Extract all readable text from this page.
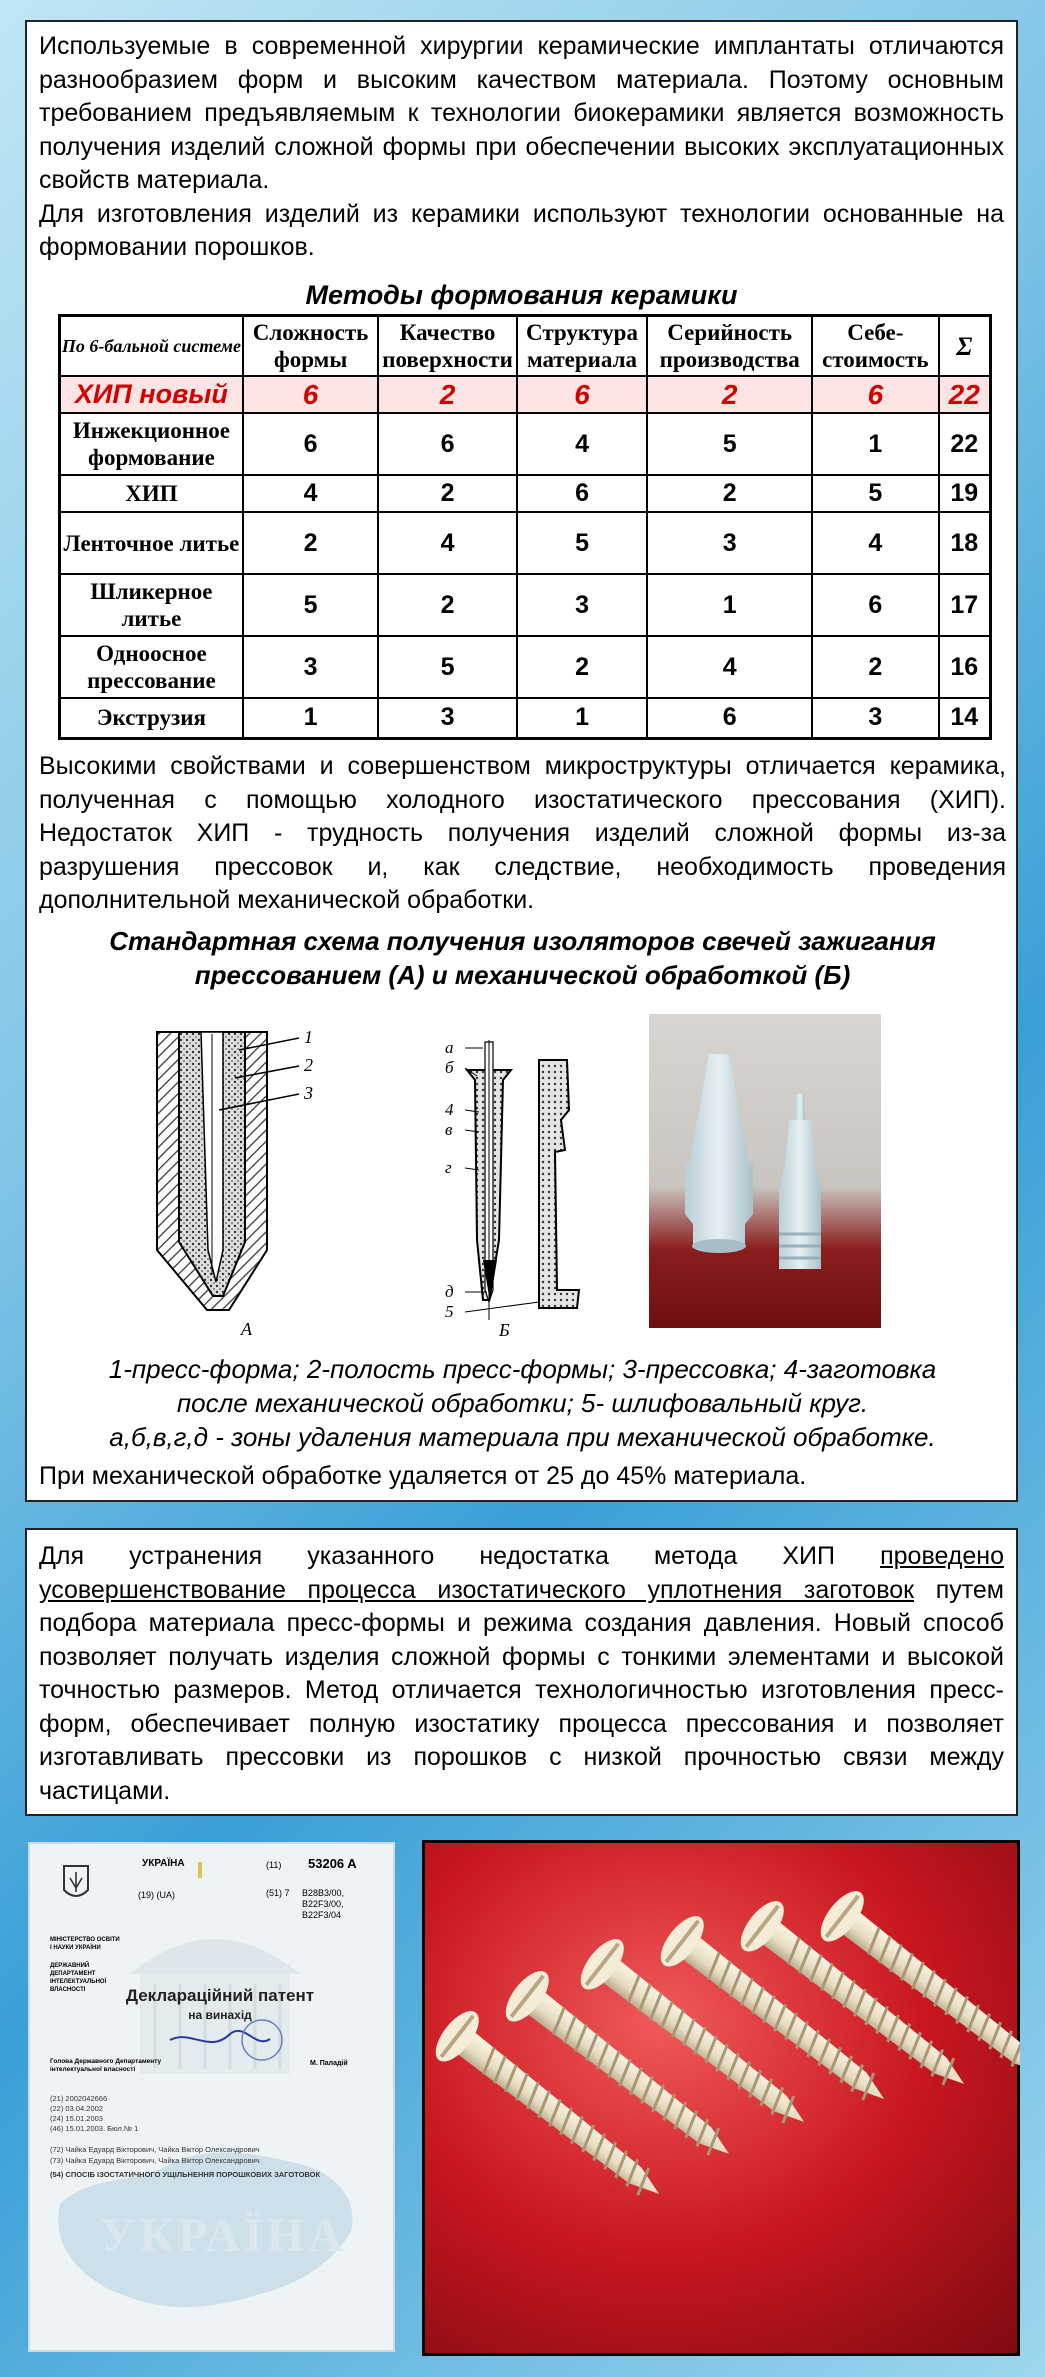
Используемые в современной хирургии керамические имплантаты отличаются разнообразием форм и высоким качеством материала. Поэтому основным требованием предъявляемым к технологии биокерамики является возможность получения изделий сложной формы при обеспечении высоких эксплуатационных свойств материала.

Для изготовления изделий из керамики используют технологии основанные на формовании порошков.

Методы формования керамики

По 6-бальной системе	Сложность формы	Качество поверхности	Структура материала	Серийность производства	Себе-стоимость	Σ
ХИП новый	6	2	6	2	6	22
Инжекционное формование	6	6	4	5	1	22
ХИП	4	2	6	2	5	19
Ленточное литье	2	4	5	3	4	18
Шликерное литье	5	2	3	1	6	17
Одноосное прессование	3	5	2	4	2	16
Экструзия	1	3	1	6	3	14

Высокими свойствами и совершенством микроструктуры отличается керамика, полученная с помощью холодного изостатического прессования (ХИП). Недостаток ХИП - трудность получения изделий сложной формы из-за разрушения прессовок и, как следствие, необходимость проведения дополнительной механической обработки.

Стандартная схема получения изоляторов свечей зажигания прессованием (А) и механической обработкой (Б)

1
2
3
А
а
б
4
в
г
д
5
Б

1-пресс-форма; 2-полость пресс-формы; 3-прессовка; 4-заготовка

после механической обработки; 5- шлифовальный круг.

а,б,в,г,д - зоны удаления материала при механической обработке.

При механической обработке удаляется от 25 до 45% материала.

Для устранения указанного недостатка метода ХИП проведено усовершенствование процесса изостатического уплотнения заготовок путем подбора материала пресс-формы и режима создания давления. Новый способ позволяет получать изделия сложной формы с тонкими элементами и высокой точностью размеров. Метод отличается технологичностью изготовления пресс-форм, обеспечивает полную изостатику процесса прессования и позволяет изготавливать прессовки из порошков с низкой прочностью связи между частицами.

УКРАЇНА
(19) (UA)
(11) 53206 A
(51) 7 B28B3/00,
B22F3/00,
B22F3/04
МІНІСТЕРСТВО ОСВІТИ І НАУКИ УКРАЇНИ
ДЕРЖАВНИЙ ДЕПАРТАМЕНТ ІНТЕЛЕКТУАЛЬНОЇ ВЛАСНОСТІ	Деклараційний патент
на винахід
Голова Державного Департаменту інтелектуальної власності
М. Паладій
(21) 2002042666
(22) 03.04.2002
(24) 15.01.2003
(46) 15.01.2003. Бюл.№ 1
(72) Чайка Едуард Вікторович, Чайка Віктор Олександрович
(73) Чайка Едуард Вікторович, Чайка Віктор Олександрович
(54) СПОСІБ ІЗОСТАТИЧНОГО УЩІЛЬНЕННЯ ПОРОШКОВИХ ЗАГОТОВОК
УКРАЇНА
